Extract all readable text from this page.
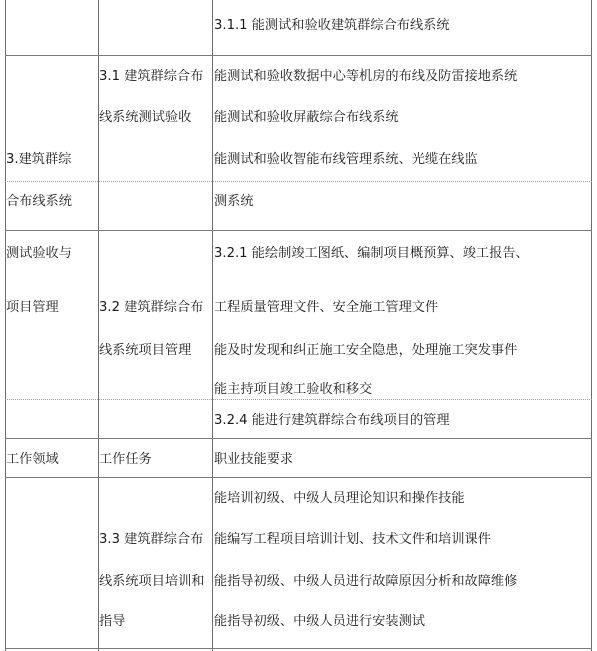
3.建筑群综
合布线系统
测试验收与
项目管理
3.1 建筑群综合布
线系统测试验收
3.2 建筑群综合布
线系统项目管理
3.1.1 能测试和验收建筑群综合布线系统
能测试和验收数据中心等机房的布线及防雷接地系统
能测试和验收屏蔽综合布线系统
能测试和验收智能布线管理系统、光缆在线监
测系统
3.2.1 能绘制竣工图纸、编制项目概预算、竣工报告、
工程质量管理文件、安全施工管理文件
能及时发现和纠正施工安全隐患，处理施工突发事件
能主持项目竣工验收和移交
3.2.4 能进行建筑群综合布线项目的管理
工作领域	工作任务	职业技能要求
3.3 建筑群综合布
线系统项目培训和
指导
能培训初级、中级人员理论知识和操作技能
能编写工程项目培训计划、技术文件和培训课件
能指导初级、中级人员进行故障原因分析和故障维修
能指导初级、中级人员进行安装测试
